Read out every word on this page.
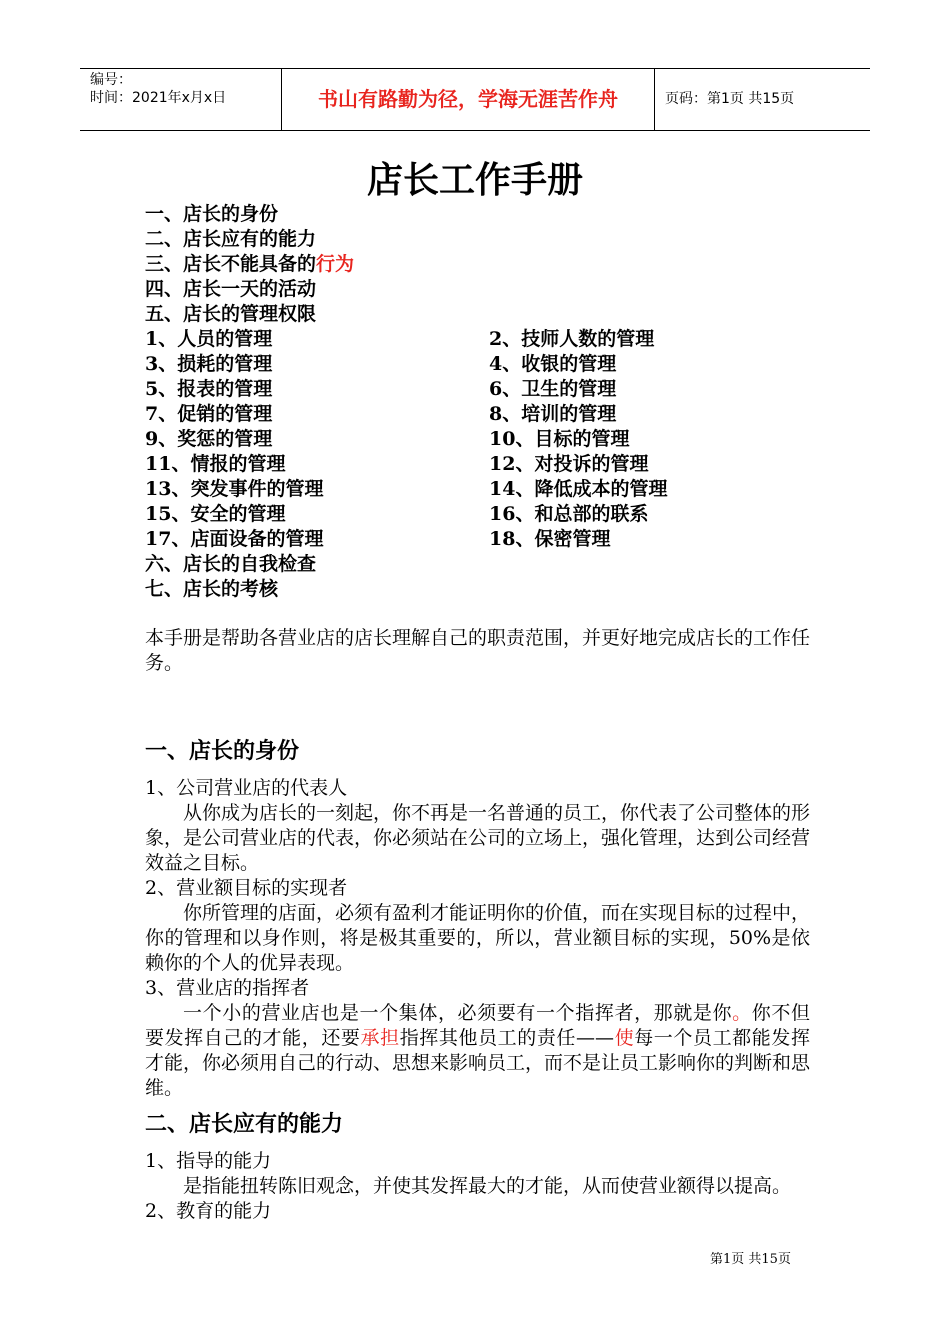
编号：
时间：2021年x月x日	书山有路勤为径，学海无涯苦作舟	页码：第1页 共15页
店长工作手册
一、店长的身份
二、店长应有的能力
三、店长不能具备的行为
四、店长一天的活动
五、店长的管理权限
1、人员的管理	2、技师人数的管理
3、损耗的管理	4、收银的管理
5、报表的管理	6、卫生的管理
7、促销的管理	8、培训的管理
9、奖惩的管理	10、目标的管理
11、情报的管理	12、对投诉的管理
13、突发事件的管理	14、降低成本的管理
15、安全的管理	16、和总部的联系
17、店面设备的管理	18、保密管理
六、店长的自我检查
七、店长的考核

本手册是帮助各营业店的店长理解自己的职责范围，并更好地完成店长的工作任务。

一、店长的身份

1、公司营业店的代表人

从你成为店长的一刻起，你不再是一名普通的员工，你代表了公司整体的形象，是公司营业店的代表，你必须站在公司的立场上，强化管理，达到公司经营效益之目标。

2、营业额目标的实现者

你所管理的店面，必须有盈利才能证明你的价值，而在实现目标的过程中，你的管理和以身作则，将是极其重要的，所以，营业额目标的实现，50%是依赖你的个人的优异表现。

3、营业店的指挥者

一个小的营业店也是一个集体，必须要有一个指挥者，那就是你。你不但要发挥自己的才能，还要承担指挥其他员工的责任——使每一个员工都能发挥才能，你必须用自己的行动、思想来影响员工，而不是让员工影响你的判断和思维。

二、店长应有的能力

1、指导的能力

是指能扭转陈旧观念，并使其发挥最大的才能，从而使营业额得以提高。

2、教育的能力

第1页 共15页
